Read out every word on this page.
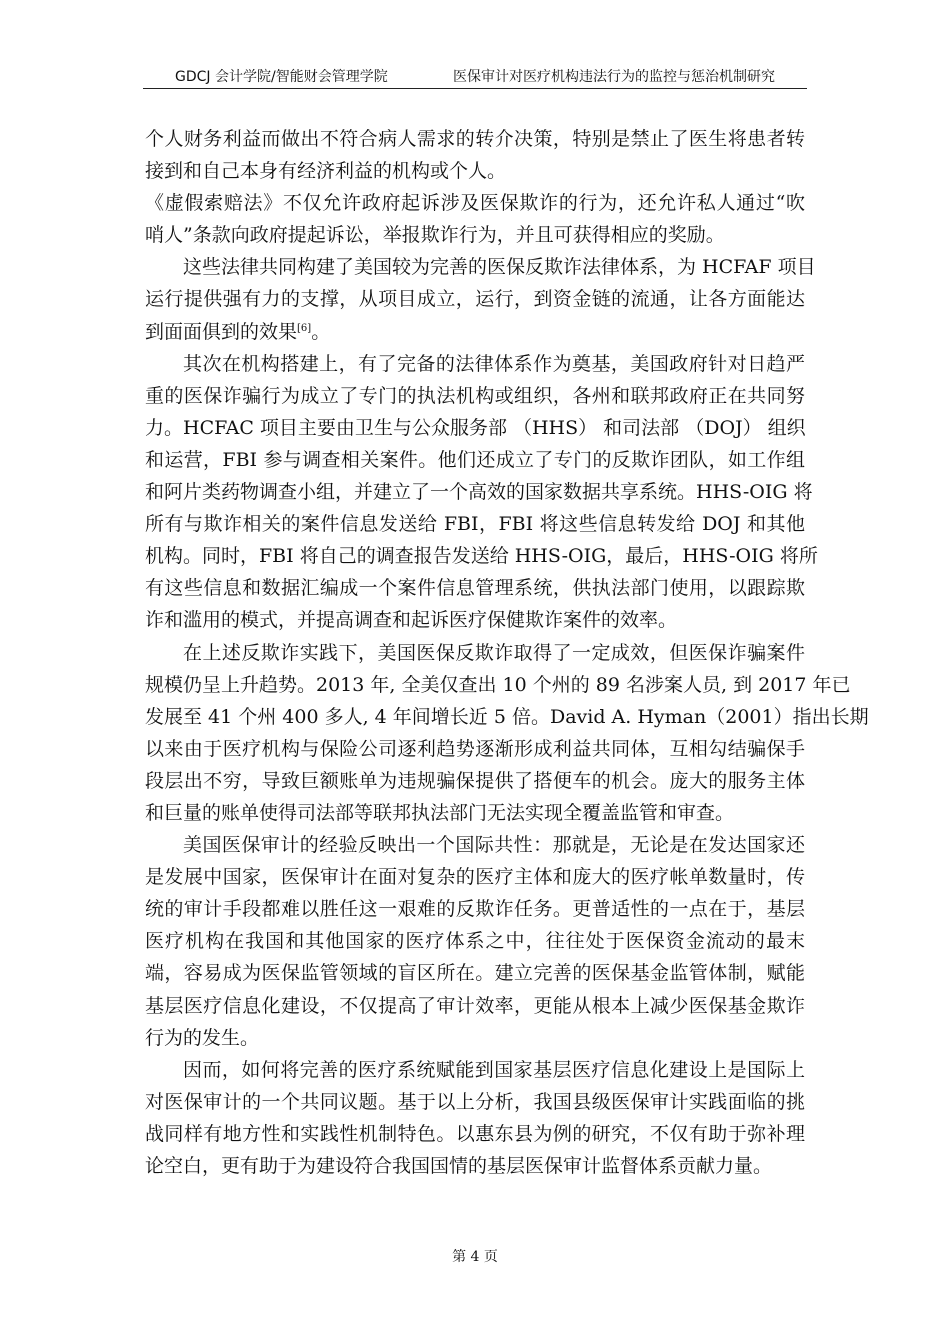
GDCJ 会计学院/智能财会管理学院	医保审计对医疗机构违法行为的监控与惩治机制研究
个人财务利益而做出不符合病人需求的转介决策，特别是禁止了医生将患者转
接到和自己本身有经济利益的机构或个人。
《虚假索赔法》不仅允许政府起诉涉及医保欺诈的行为，还允许私人通过“吹
哨人”条款向政府提起诉讼，举报欺诈行为，并且可获得相应的奖励。
这些法律共同构建了美国较为完善的医保反欺诈法律体系，为 HCFAF 项目
运行提供强有力的支撑，从项目成立，运行，到资金链的流通，让各方面能达
到面面俱到的效果[6]。
其次在机构搭建上，有了完备的法律体系作为奠基，美国政府针对日趋严
重的医保诈骗行为成立了专门的执法机构或组织，各州和联邦政府正在共同努
力。HCFAC 项目主要由卫生与公众服务部 （HHS） 和司法部 （DOJ） 组织
和运营，FBI 参与调查相关案件。他们还成立了专门的反欺诈团队，如工作组
和阿片类药物调查小组，并建立了一个高效的国家数据共享系统。HHS-OIG 将
所有与欺诈相关的案件信息发送给 FBI，FBI 将这些信息转发给 DOJ 和其他
机构。同时，FBI 将自己的调查报告发送给 HHS-OIG，最后，HHS-OIG 将所
有这些信息和数据汇编成一个案件信息管理系统，供执法部门使用，以跟踪欺
诈和滥用的模式，并提高调查和起诉医疗保健欺诈案件的效率。
在上述反欺诈实践下，美国医保反欺诈取得了一定成效，但医保诈骗案件
规模仍呈上升趋势。2013 年, 全美仅查出 10 个州的 89 名涉案人员, 到 2017 年已
发展至 41 个州 400 多人, 4 年间增长近 5 倍。David A. Hyman（2001）指出长期
以来由于医疗机构与保险公司逐利趋势逐渐形成利益共同体，互相勾结骗保手
段层出不穷，导致巨额账单为违规骗保提供了搭便车的机会。庞大的服务主体
和巨量的账单使得司法部等联邦执法部门无法实现全覆盖监管和审查。
美国医保审计的经验反映出一个国际共性：那就是，无论是在发达国家还
是发展中国家，医保审计在面对复杂的医疗主体和庞大的医疗帐单数量时，传
统的审计手段都难以胜任这一艰难的反欺诈任务。更普适性的一点在于，基层
医疗机构在我国和其他国家的医疗体系之中，往往处于医保资金流动的最末
端，容易成为医保监管领域的盲区所在。建立完善的医保基金监管体制，赋能
基层医疗信息化建设，不仅提高了审计效率，更能从根本上减少医保基金欺诈
行为的发生。
因而，如何将完善的医疗系统赋能到国家基层医疗信息化建设上是国际上
对医保审计的一个共同议题。基于以上分析，我国县级医保审计实践面临的挑
战同样有地方性和实践性机制特色。以惠东县为例的研究，不仅有助于弥补理
论空白，更有助于为建设符合我国国情的基层医保审计监督体系贡献力量。
第 4 页
